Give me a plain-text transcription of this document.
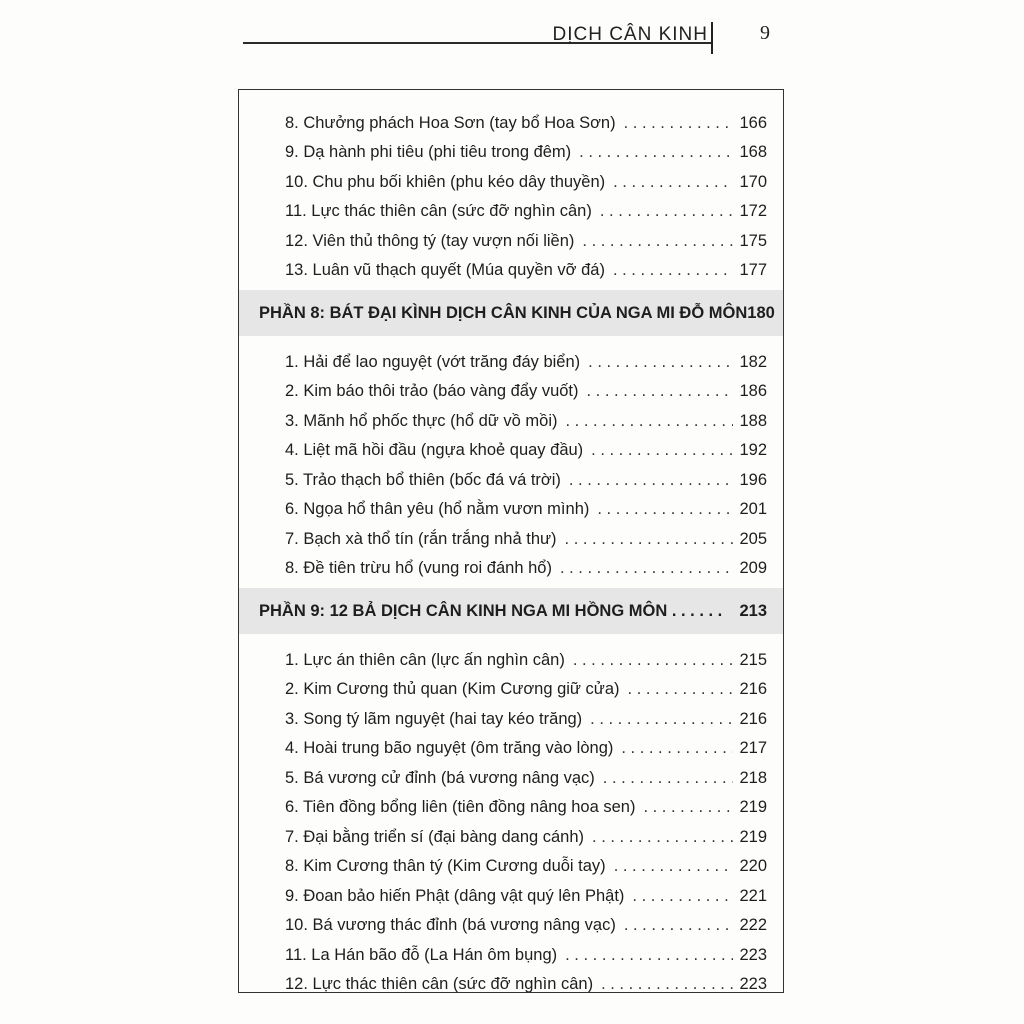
DỊCH CÂN KINH	9
8. Chưởng phách Hoa Sơn (tay bổ Hoa Sơn) . . .	166
9. Dạ hành phi tiêu (phi tiêu trong đêm) . . .	168
10. Chu phu bối khiên (phu kéo dây thuyền) . . .	170
11. Lực thác thiên cân (sức đỡ nghìn cân) . . .	172
12. Viên thủ thông tý (tay vượn nối liền) . . .	175
13. Luân vũ thạch quyết (Múa quyền vỡ đá) . . .	177
PHẦN 8: BÁT ĐẠI KÌNH DỊCH CÂN KINH CỦA NGA MI ĐỖ MÔN 180
1. Hải để lao nguyệt (vớt trăng đáy biển) . . .	182
2. Kim báo thôi trảo (báo vàng đẩy vuốt) . . .	186
3. Mãnh hổ phốc thực (hổ dữ vồ mồi) . . .	188
4. Liệt mã hồi đầu (ngựa khoẻ quay đầu) . . .	192
5. Trảo thạch bổ thiên (bốc đá vá trời) . . .	196
6. Ngọa hổ thân yêu (hổ nằm vươn mình) . . .	201
7. Bạch xà thổ tín (rắn trắng nhả thư) . . .	205
8. Đề tiên trừu hổ (vung roi đánh hổ) . . .	209
PHẦN 9: 12 BẢ DỊCH CÂN KINH NGA MI HỒNG MÔN . . . . . .	213
1. Lực án thiên cân (lực ấn nghìn cân) . . .	215
2. Kim Cương thủ quan (Kim Cương giữ cửa) . . .	216
3. Song tý lãm nguyệt (hai tay kéo trăng) . . .	216
4. Hoài trung bão nguyệt (ôm trăng vào lòng) . . .	217
5. Bá vương cử đỉnh (bá vương nâng vạc) . . .	218
6. Tiên đồng bổng liên (tiên đồng nâng hoa sen) . . .	219
7. Đại bằng triển sí (đại bàng dang cánh) . . .	219
8. Kim Cương thân tý (Kim Cương duỗi tay) . . .	220
9. Đoan bảo hiến Phật (dâng vật quý lên Phật) . . .	221
10. Bá vương thác đỉnh (bá vương nâng vạc) . . .	222
11. La Hán bão đỗ (La Hán ôm bụng) . . .	223
12. Lực thác thiên cân (sức đỡ nghìn cân) . . .	223
